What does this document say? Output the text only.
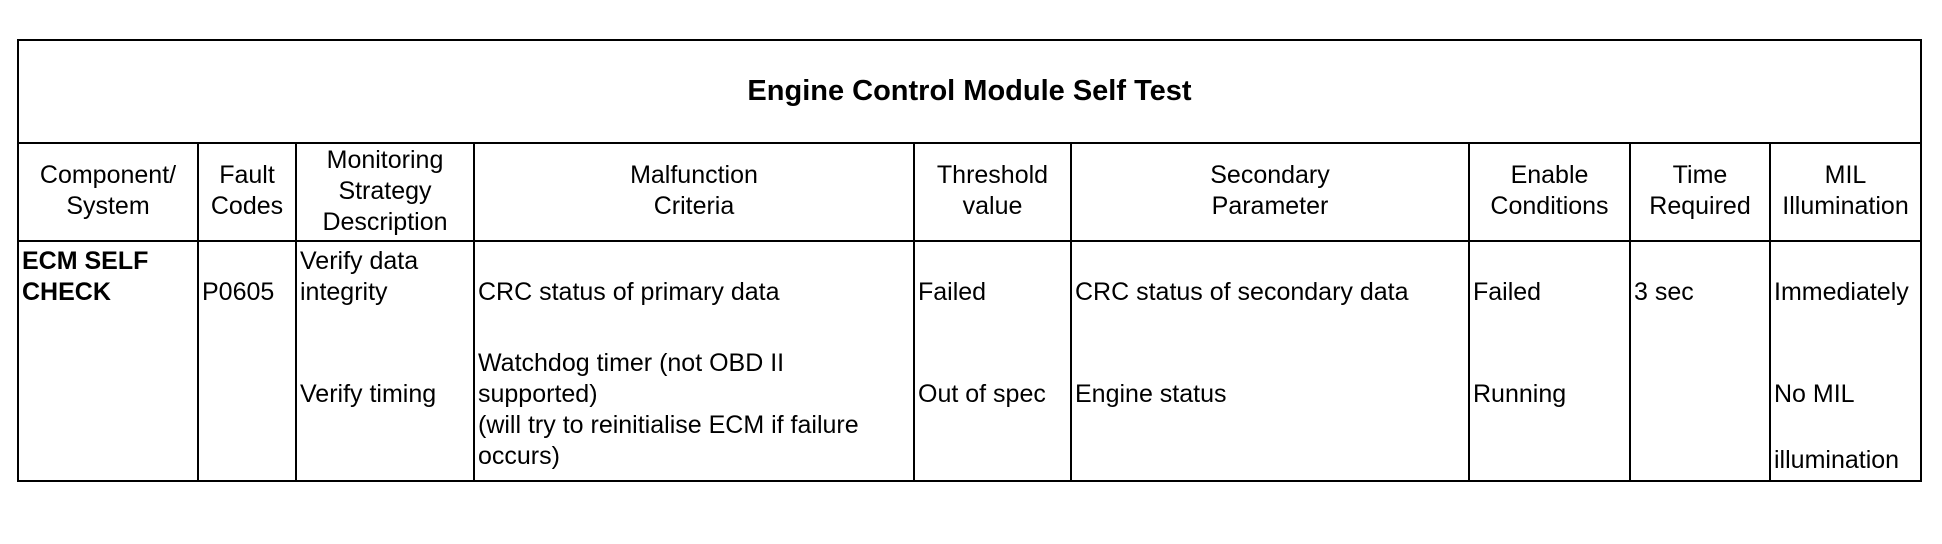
Engine Control Module Self Test
Component/
System
ECM SELF
CHECK
Fault
Codes
P0605
Monitoring
Strategy
Description
Verify data
integrity
Verify timing
Malfunction
Criteria
CRC status of primary data
Watchdog timer (not OBD II
supported)
(will try to reinitialise ECM if failure
occurs)
Threshold
value
Failed
Out of spec
Secondary
Parameter
CRC status of secondary data
Engine status
Enable
Conditions
Failed
Running
Time
Required
3 sec
MIL
Illumination
Immediately
No MIL
illumination
